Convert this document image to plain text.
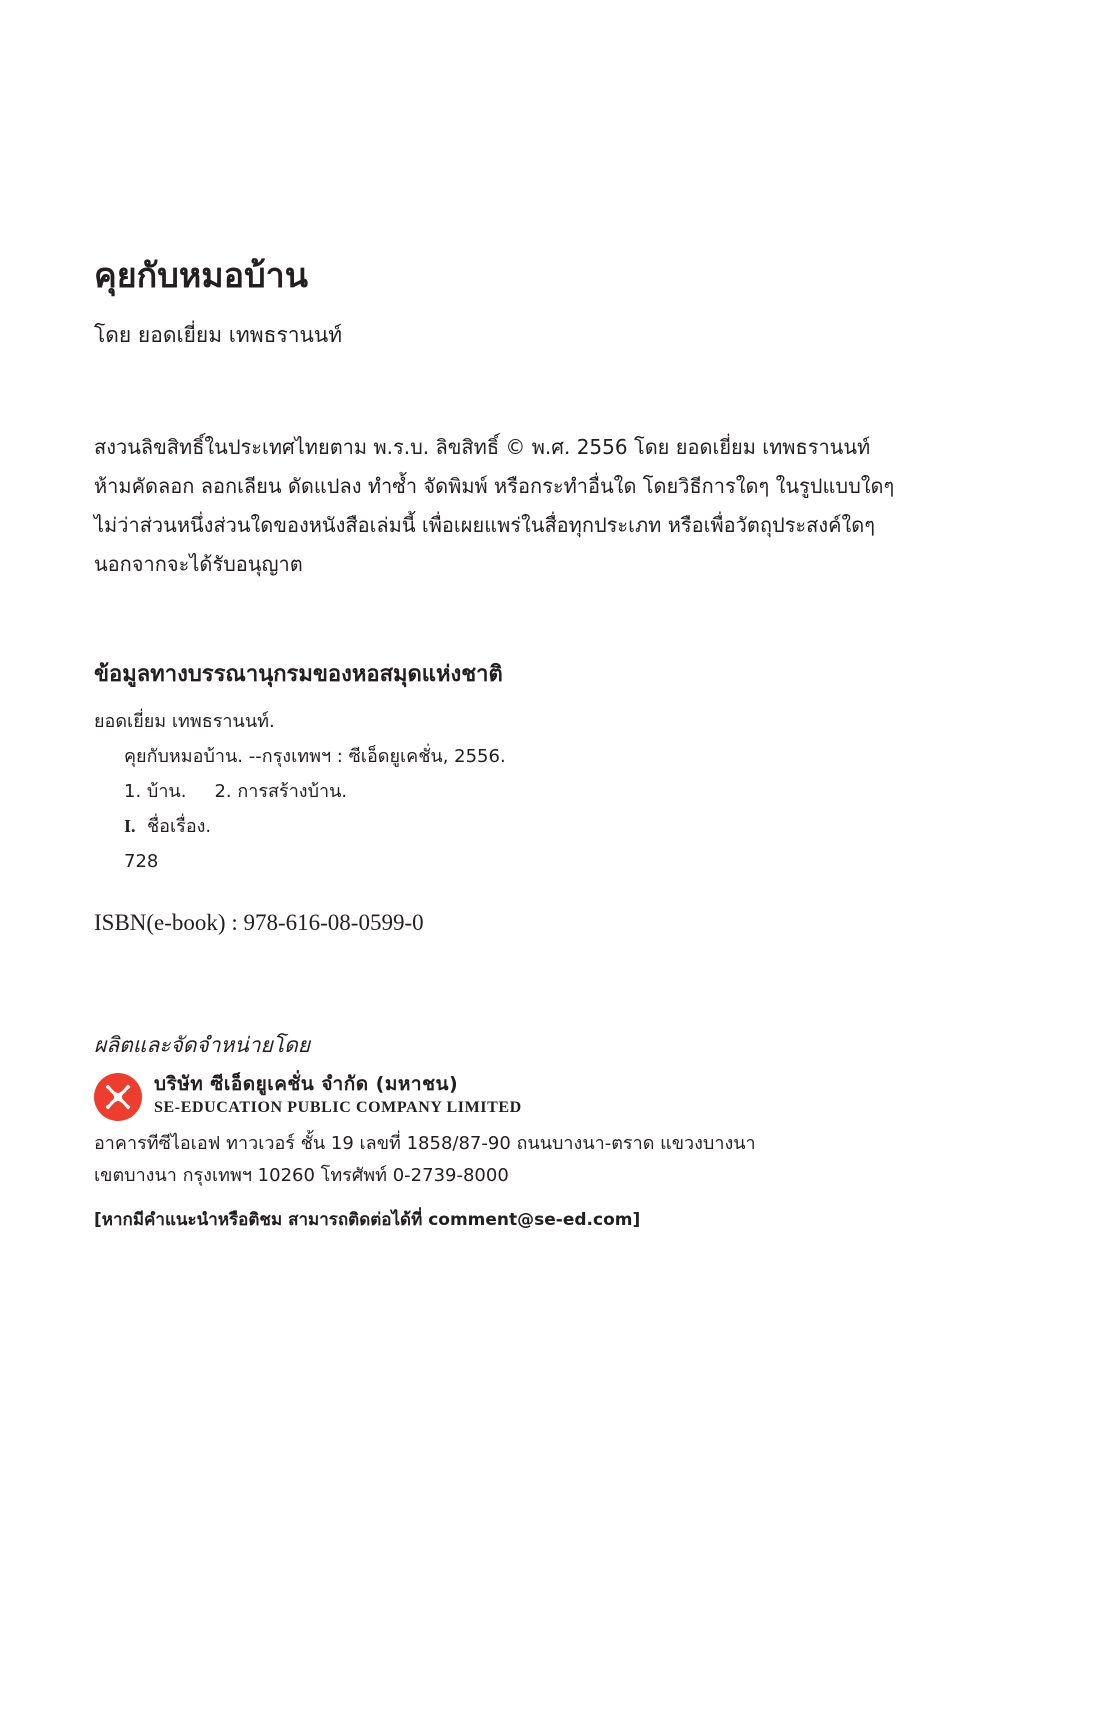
คุยกับหมอบ้าน
โดย ยอดเยี่ยม เทพธรานนท์
สงวนลิขสิทธิ์ในประเทศไทยตาม พ.ร.บ. ลิขสิทธิ์ © พ.ศ. 2556 โดย ยอดเยี่ยม เทพธรานนท์
ห้ามคัดลอก ลอกเลียน ดัดแปลง ทำซ้ำ จัดพิมพ์ หรือกระทำอื่นใด โดยวิธีการใดๆ ในรูปแบบใดๆ
ไม่ว่าส่วนหนึ่งส่วนใดของหนังสือเล่มนี้ เพื่อเผยแพร่ในสื่อทุกประเภท หรือเพื่อวัตถุประสงค์ใดๆ
นอกจากจะได้รับอนุญาต
ข้อมูลทางบรรณานุกรมของหอสมุดแห่งชาติ
ยอดเยี่ยม เทพธรานนท์.
คุยกับหมอบ้าน. --กรุงเทพฯ : ซีเอ็ดยูเคชั่น, 2556.
1. บ้าน. 2. การสร้างบ้าน.
I. ชื่อเรื่อง.
728
ISBN(e-book) : 978-616-08-0599-0
ผลิตและจัดจำหน่ายโดย
บริษัท ซีเอ็ดยูเคชั่น จำกัด (มหาชน)
SE-EDUCATION PUBLIC COMPANY LIMITED
อาคารทีซีไอเอฟ ทาวเวอร์ ชั้น 19 เลขที่ 1858/87-90 ถนนบางนา-ตราด แขวงบางนา
เขตบางนา กรุงเทพฯ 10260 โทรศัพท์ 0-2739-8000
[หากมีคำแนะนำหรือติชม สามารถติดต่อได้ที่ comment@se-ed.com]
